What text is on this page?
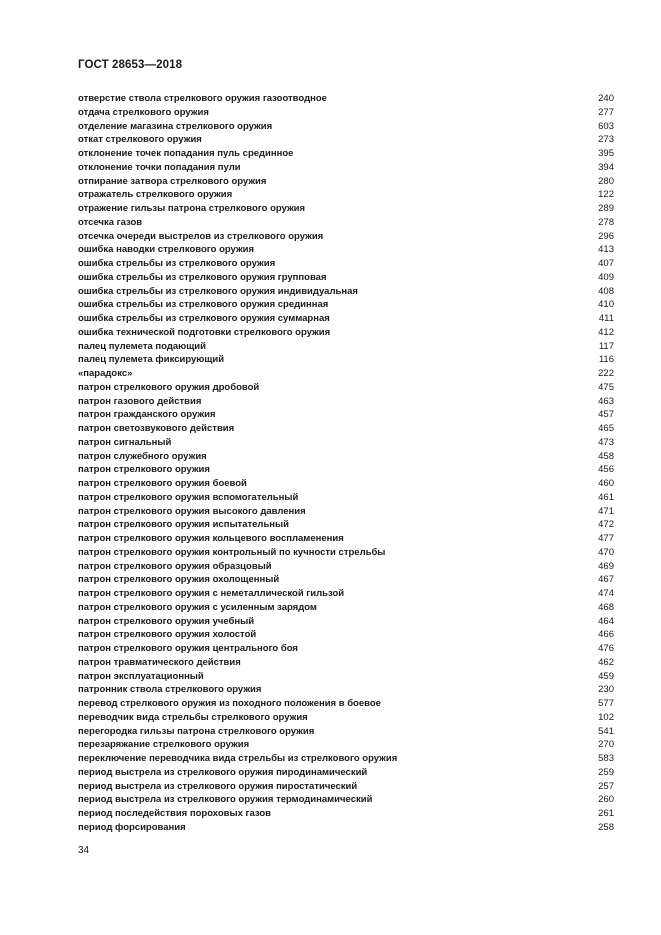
ГОСТ 28653—2018
отверстие ствола стрелкового оружия газоотводное	240
отдача стрелкового оружия	277
отделение магазина стрелкового оружия	603
откат стрелкового оружия	273
отклонение точек попадания пуль срединное	395
отклонение точки попадания пули	394
отпирание затвора стрелкового оружия	280
отражатель стрелкового оружия	122
отражение гильзы патрона стрелкового оружия	289
отсечка газов	278
отсечка очереди выстрелов из стрелкового оружия	296
ошибка наводки стрелкового оружия	413
ошибка стрельбы из стрелкового оружия	407
ошибка стрельбы из стрелкового оружия групповая	409
ошибка стрельбы из стрелкового оружия индивидуальная	408
ошибка стрельбы из стрелкового оружия срединная	410
ошибка стрельбы из стрелкового оружия суммарная	411
ошибка технической подготовки стрелкового оружия	412
палец пулемета подающий	117
палец пулемета фиксирующий	116
«парадокс»	222
патрон стрелкового оружия дробовой	475
патрон газового действия	463
патрон гражданского оружия	457
патрон светозвукового действия	465
патрон сигнальный	473
патрон служебного оружия	458
патрон стрелкового оружия	456
патрон стрелкового оружия боевой	460
патрон стрелкового оружия вспомогательный	461
патрон стрелкового оружия высокого давления	471
патрон стрелкового оружия испытательный	472
патрон стрелкового оружия кольцевого воспламенения	477
патрон стрелкового оружия контрольный по кучности стрельбы	470
патрон стрелкового оружия образцовый	469
патрон стрелкового оружия охолощенный	467
патрон стрелкового оружия с неметаллической гильзой	474
патрон стрелкового оружия с усиленным зарядом	468
патрон стрелкового оружия учебный	464
патрон стрелкового оружия холостой	466
патрон стрелкового оружия центрального боя	476
патрон травматического действия	462
патрон эксплуатационный	459
патронник ствола стрелкового оружия	230
перевод стрелкового оружия из походного положения в боевое	577
переводчик вида стрельбы стрелкового оружия	102
перегородка гильзы патрона стрелкового оружия	541
перезаряжание стрелкового оружия	270
переключение переводчика вида стрельбы из стрелкового оружия	583
период выстрела из стрелкового оружия пиродинамический	259
период выстрела из стрелкового оружия пиростатический	257
период выстрела из стрелкового оружия термодинамический	260
период последействия пороховых газов	261
период форсирования	258
34
